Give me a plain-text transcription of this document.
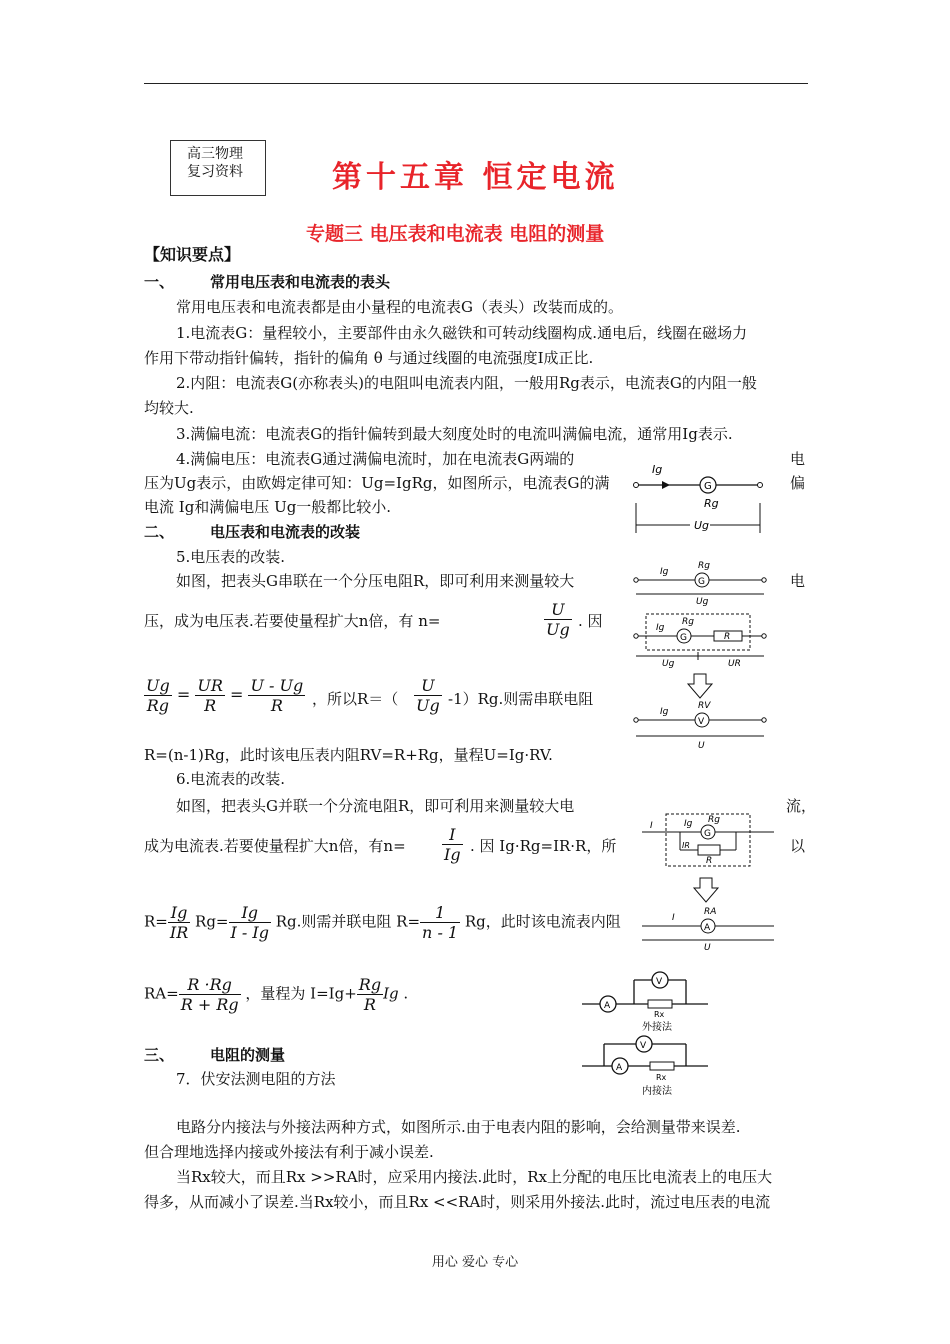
高三物理
复习资料	第十五章 恒定电流
专题三 电压表和电流表 电阻的测量
【知识要点】
一、 常用电压表和电流表的表头
常用电压表和电流表都是由小量程的电流表G（表头）改装而成的。
1.电流表G：量程较小，主要部件由永久磁铁和可转动线圈构成.通电后，线圈在磁场力
作用下带动指针偏转，指针的偏角 θ 与通过线圈的电流强度I成正比.
2.内阻：电流表G(亦称表头)的电阻叫电流表内阻，一般用Rg表示，电流表G的内阻一般
均较大.
3.满偏电流：电流表G的指针偏转到最大刻度处时的电流叫满偏电流，通常用Ig表示.
4.满偏电压：电流表G通过满偏电流时，加在电流表G两端的	电
压为Ug表示，由欧姆定律可知：Ug=IgRg，如图所示，电流表G的满	偏
电流 Ig和满偏电压 Ug一般都比较小.
二、 电压表和电流表的改装
5.电压表的改装.
如图，把表头G串联在一个分压电阻R，即可利用来测量较大	电
压，成为电压表.若要使量程扩大n倍，有 n=	$\frac{U}{Ug}$ . 因
$\frac{Ug}{Rg} = \frac{UR}{R} = \frac{U - Ug}{R}$ ，所以$R=( \frac{U}{Ug} -1)Rg$.则需串联电阻
R=(n-1)Rg，此时该电压表内阻RV=R+Rg，量程U=Ig·RV.
6.电流表的改装.
如图，把表头G并联一个分流电阻R，即可利用来测量较大电	流，
成为电流表.若要使量程扩大n倍，有$n= \frac{I}{Ig}$ . 因 Ig·Rg=IR·R，所	以
$R= \frac{Ig}{IR} Rg= \frac{Ig}{I - Ig} Rg$.则需并联电阻 $R= \frac{1}{n - 1}$ Rg，此时该电流表内阻
$RA= \frac{R \cdot Rg}{R + Rg}$ ，量程为 $I=Ig+ \frac{Rg}{R}$ Ig .
三、 电阻的测量
7．伏安法测电阻的方法
电路分内接法与外接法两种方式，如图所示.由于电表内阻的影响，会给测量带来误差.
但合理地选择内接或外接法有利于减小误差.
当Rx较大，而且Rx >>RA时，应采用内接法.此时，Rx上分配的电压比电流表上的电压大
得多，从而减小了误差.当Rx较小，而且Rx <<RA时，则采用外接法.此时，流过电压表的电流
用心 爱心 专心
G
Ig
Rg
Ug
G
Ig
Rg
Ug
G	R
Ig
Rg
Ug	UR
V
Ig
RV
U
G
I	Ig Rg
R
IR
A
I
RA
U
A
V
Rx
外接法
V
A
Rx
内接法
